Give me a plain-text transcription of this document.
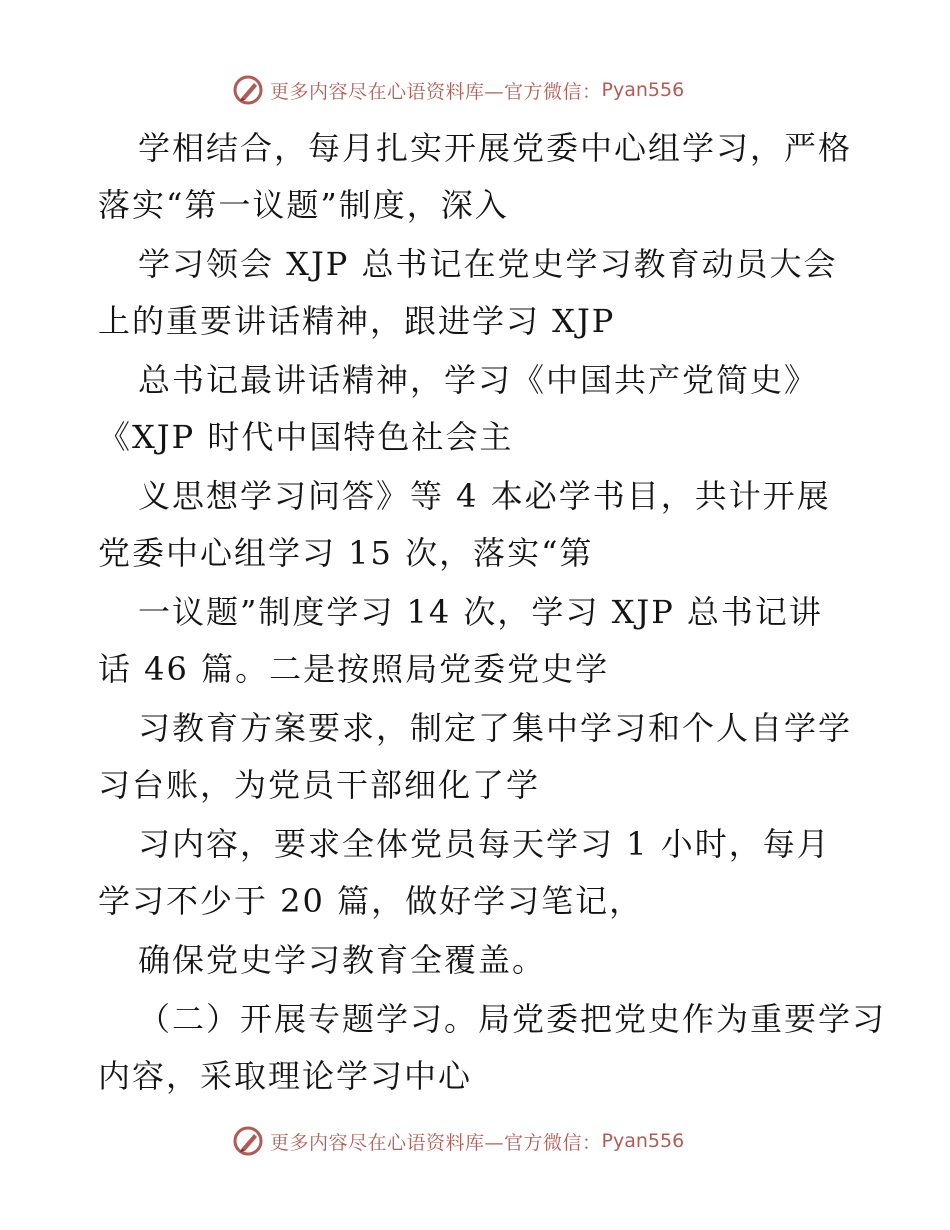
更多内容尽在心语资料库—官方微信： Pyan556
学相结合，每月扎实开展党委中心组学习，严格
落实“第一议题”制度，深入
学习领会 XJP 总书记在党史学习教育动员大会
上的重要讲话精神，跟进学习 XJP
总书记最讲话精神，学习《中国共产党简史》
《XJP 时代中国特色社会主
义思想学习问答》等 4 本必学书目，共计开展
党委中心组学习 15 次，落实“第
一议题”制度学习 14 次，学习 XJP 总书记讲
话 46 篇。二是按照局党委党史学
习教育方案要求，制定了集中学习和个人自学学
习台账，为党员干部细化了学
习内容，要求全体党员每天学习 1 小时，每月
学习不少于 20 篇，做好学习笔记，
确保党史学习教育全覆盖。
（二）开展专题学习。局党委把党史作为重要学习
内容，采取理论学习中心
更多内容尽在心语资料库—官方微信： Pyan556
